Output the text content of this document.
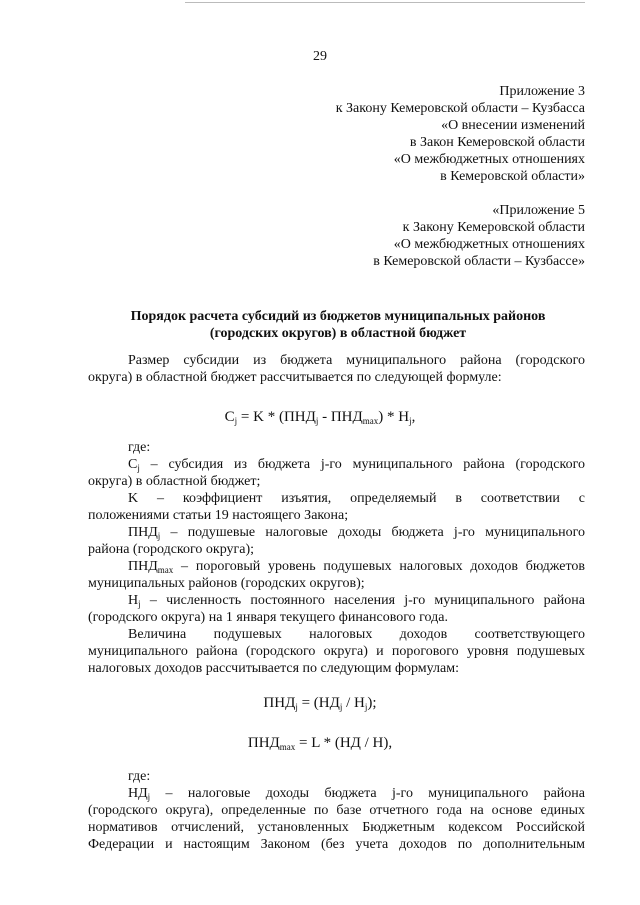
29
Приложение 3
к Закону Кемеровской области – Кузбасса
«О внесении изменений
в Закон Кемеровской области
«О межбюджетных отношениях
в Кемеровской области»
«Приложение 5
к Закону Кемеровской области
«О межбюджетных отношениях
в Кемеровской области – Кузбассе»
Порядок расчета субсидий из бюджетов муниципальных районов
(городских округов) в областной бюджет
Размер субсидии из бюджета муниципального района (городского
округа) в областной бюджет рассчитывается по следующей формуле:
$C_j = K * (ПНД_j - ПНД_{max}) * H_j$,
где:
$C_j$ – субсидия из бюджета j-го муниципального района (городского
округа) в областной бюджет;
K – коэффициент изъятия, определяемый в соответствии с
положениями статьи 19 настоящего Закона;
$ПНД_j$ – подушевые налоговые доходы бюджета j-го муниципального
района (городского округа);
$ПНД_{max}$ – пороговый уровень подушевых налоговых доходов бюджетов
муниципальных районов (городских округов);
$H_j$ – численность постоянного населения j-го муниципального района
(городского округа) на 1 января текущего финансового года.
Величина подушевых налоговых доходов соответствующего
муниципального района (городского округа) и порогового уровня подушевых
налоговых доходов рассчитывается по следующим формулам:
$ПНД_j = (НД_j / H_j)$;
$ПНД_{max} = L * (НД / H)$,
где:
$НД_j$ – налоговые доходы бюджета j-го муниципального района
(городского округа), определенные по базе отчетного года на основе единых
нормативов отчислений, установленных Бюджетным кодексом Российской
Федерации и настоящим Законом (без учета доходов по дополнительным
